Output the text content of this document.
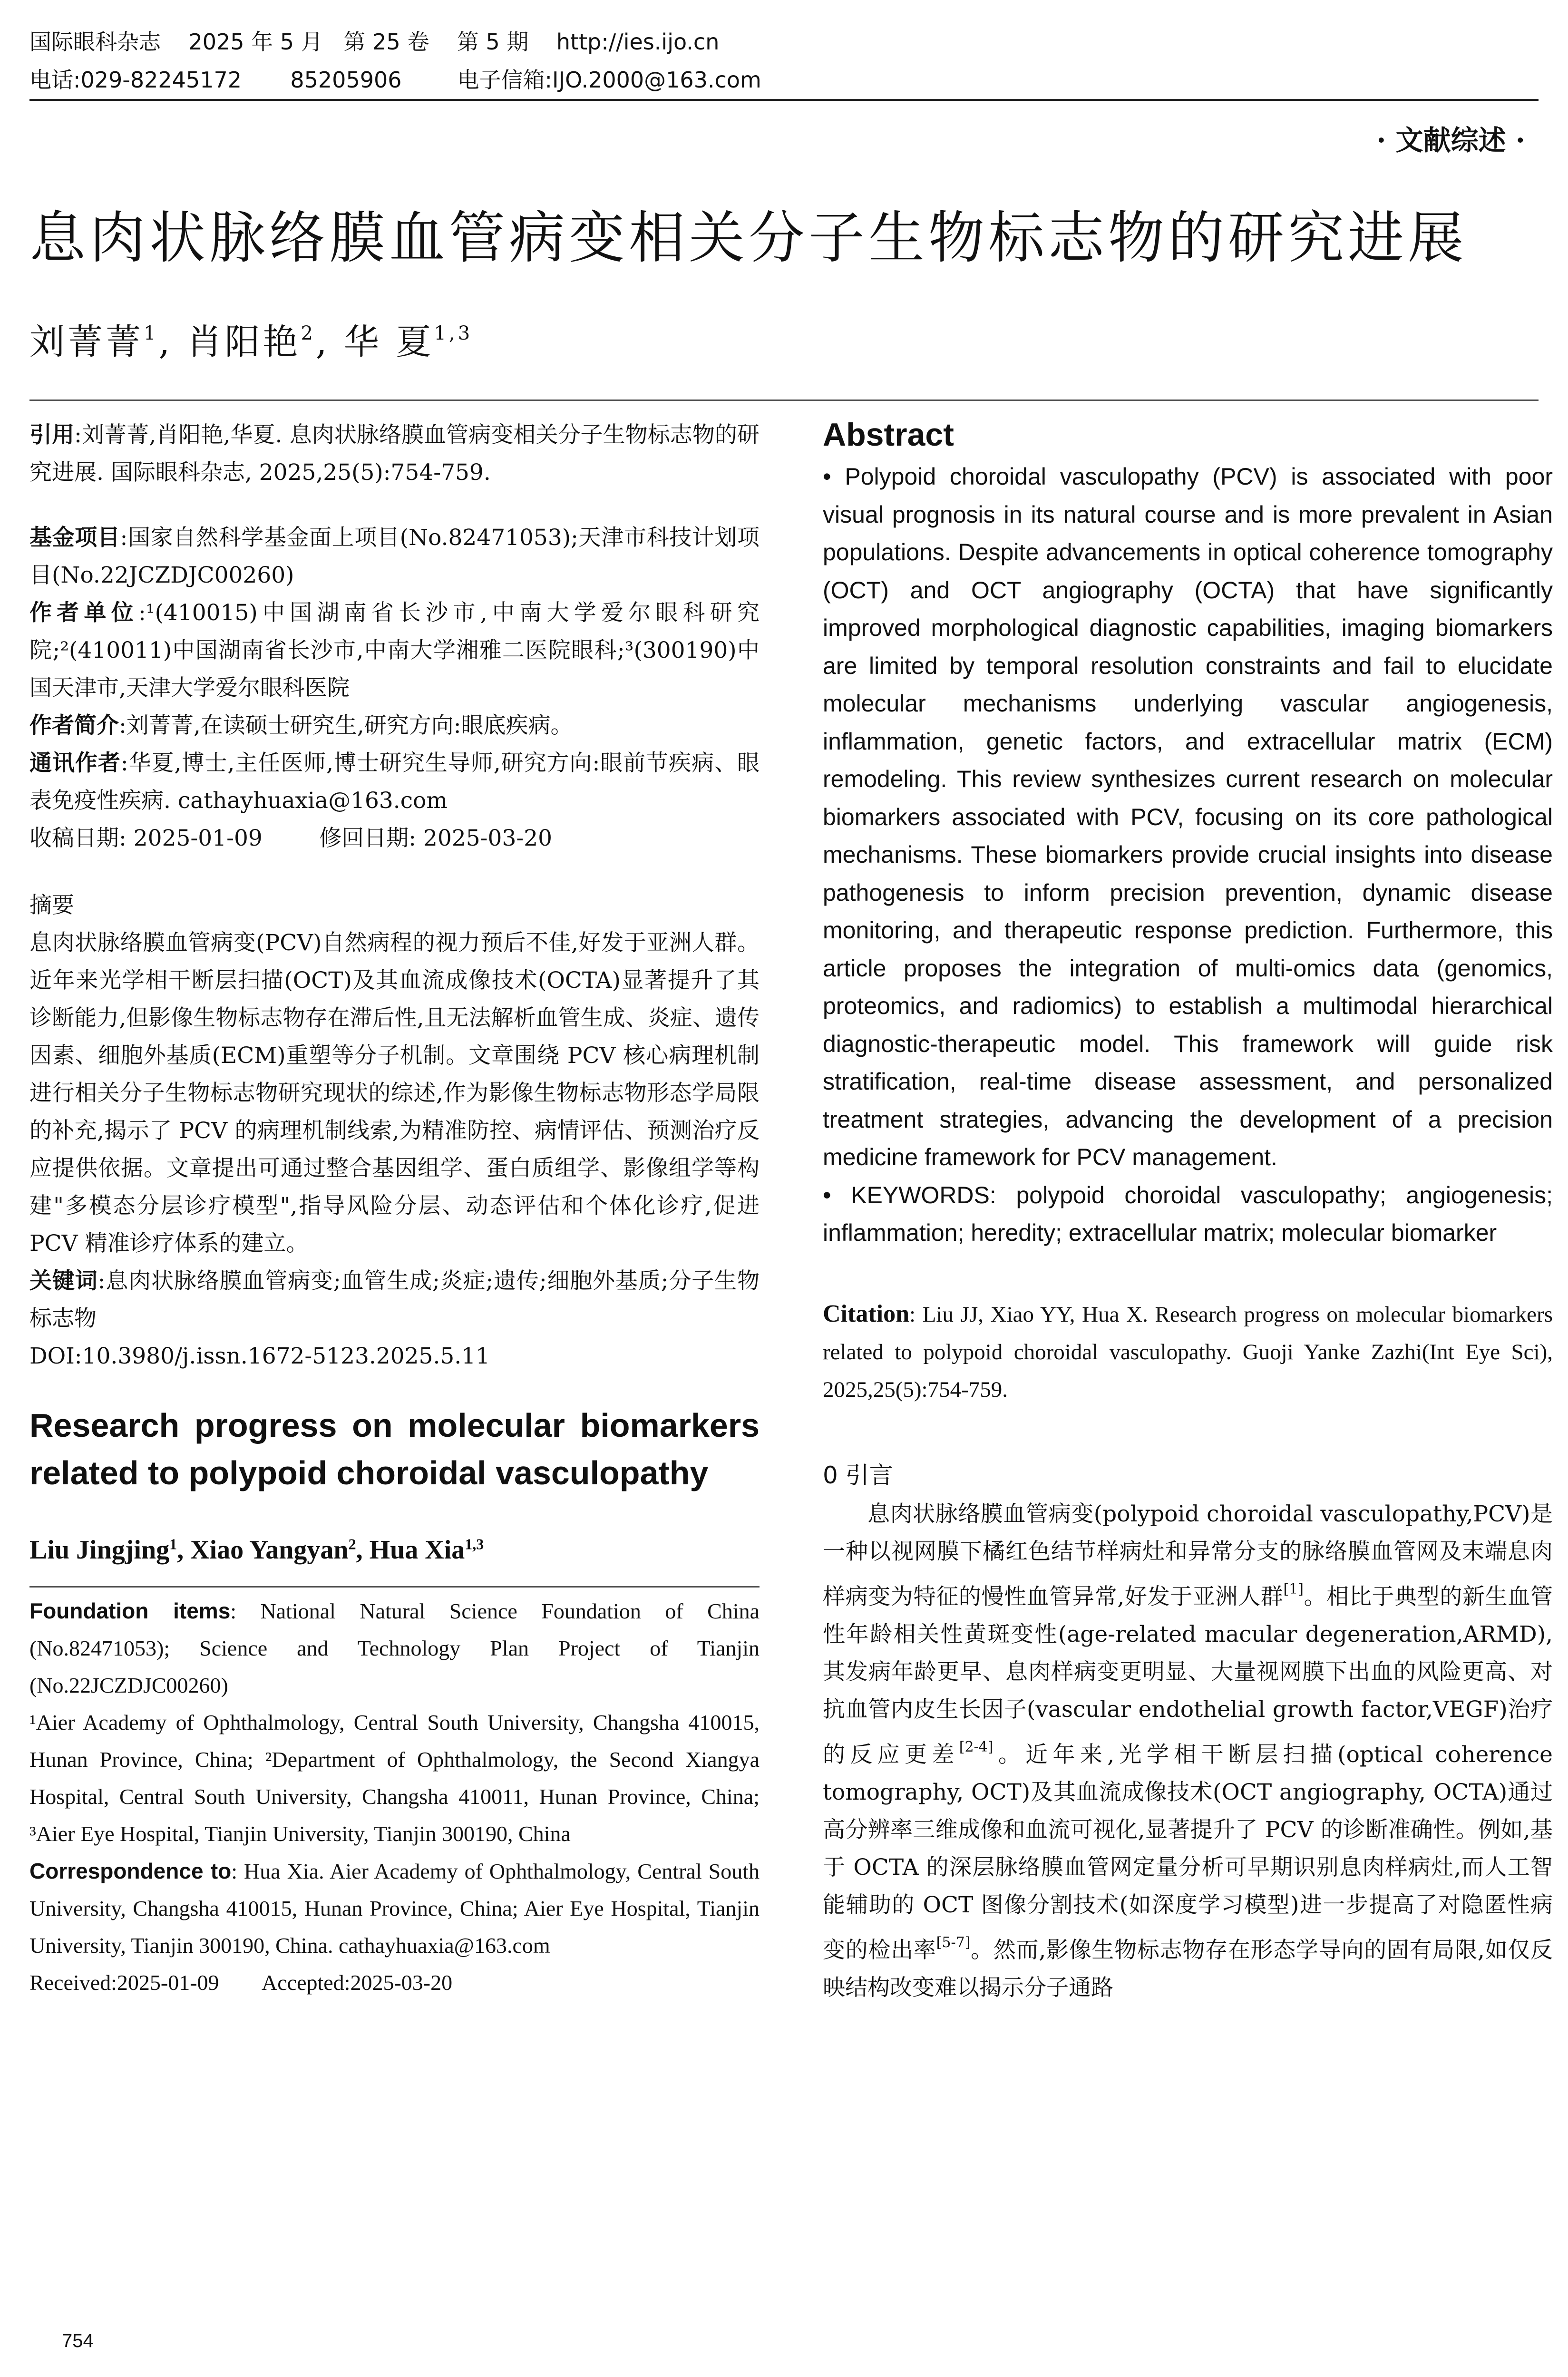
国际眼科杂志    2025 年 5 月   第 25 卷    第 5 期    http://ies.ijo.cn
电话:029-82245172       85205906        电子信箱:IJO.2000@163.com
· 文献综述 ·
息肉状脉络膜血管病变相关分子生物标志物的研究进展
刘菁菁$^1$, 肖阳艳$^2$, 华 夏$^{1,3}$

引用:刘菁菁,肖阳艳,华夏. 息肉状脉络膜血管病变相关分子生物标志物的研究进展. 国际眼科杂志, 2025,25(5):754-759.

基金项目:国家自然科学基金面上项目(No.82471053);天津市科技计划项目(No.22JCZDJC00260)

作者单位:¹(410015)中国湖南省长沙市,中南大学爱尔眼科研究院;²(410011)中国湖南省长沙市,中南大学湘雅二医院眼科;³(300190)中国天津市,天津大学爱尔眼科医院

作者简介:刘菁菁,在读硕士研究生,研究方向:眼底疾病。

通讯作者:华夏,博士,主任医师,博士研究生导师,研究方向:眼前节疾病、眼表免疫性疾病. cathayhuaxia@163.com

收稿日期: 2025-01-09        修回日期: 2025-03-20

摘要

息肉状脉络膜血管病变(PCV)自然病程的视力预后不佳,好发于亚洲人群。近年来光学相干断层扫描(OCT)及其血流成像技术(OCTA)显著提升了其诊断能力,但影像生物标志物存在滞后性,且无法解析血管生成、炎症、遗传因素、细胞外基质(ECM)重塑等分子机制。文章围绕 PCV 核心病理机制进行相关分子生物标志物研究现状的综述,作为影像生物标志物形态学局限的补充,揭示了 PCV 的病理机制线索,为精准防控、病情评估、预测治疗反应提供依据。文章提出可通过整合基因组学、蛋白质组学、影像组学等构建"多模态分层诊疗模型",指导风险分层、动态评估和个体化诊疗,促进 PCV 精准诊疗体系的建立。

关键词:息肉状脉络膜血管病变;血管生成;炎症;遗传;细胞外基质;分子生物标志物

DOI:10.3980/j.issn.1672-5123.2025.5.11

Research progress on molecular biomarkers related to polypoid choroidal vasculopathy
Liu Jingjing$^1$, Xiao Yangyan$^2$, Hua Xia$^{1,3}$

Foundation items: National Natural Science Foundation of China (No.82471053); Science and Technology Plan Project of Tianjin (No.22JCZDJC00260)

¹Aier Academy of Ophthalmology, Central South University, Changsha 410015, Hunan Province, China; ²Department of Ophthalmology, the Second Xiangya Hospital, Central South University, Changsha 410011, Hunan Province, China; ³Aier Eye Hospital, Tianjin University, Tianjin 300190, China

Correspondence to: Hua Xia. Aier Academy of Ophthalmology, Central South University, Changsha 410015, Hunan Province, China; Aier Eye Hospital, Tianjin University, Tianjin 300190, China. cathayhuaxia@163.com

Received:2025-01-09        Accepted:2025-03-20

Abstract

• Polypoid choroidal vasculopathy (PCV) is associated with poor visual prognosis in its natural course and is more prevalent in Asian populations. Despite advancements in optical coherence tomography (OCT) and OCT angiography (OCTA) that have significantly improved morphological diagnostic capabilities, imaging biomarkers are limited by temporal resolution constraints and fail to elucidate molecular mechanisms underlying vascular angiogenesis, inflammation, genetic factors, and extracellular matrix (ECM) remodeling. This review synthesizes current research on molecular biomarkers associated with PCV, focusing on its core pathological mechanisms. These biomarkers provide crucial insights into disease pathogenesis to inform precision prevention, dynamic disease monitoring, and therapeutic response prediction. Furthermore, this article proposes the integration of multi-omics data (genomics, proteomics, and radiomics) to establish a multimodal hierarchical diagnostic-therapeutic model. This framework will guide risk stratification, real-time disease assessment, and personalized treatment strategies, advancing the development of a precision medicine framework for PCV management.

• KEYWORDS: polypoid choroidal vasculopathy; angiogenesis; inflammation; heredity; extracellular matrix; molecular biomarker

Citation: Liu JJ, Xiao YY, Hua X. Research progress on molecular biomarkers related to polypoid choroidal vasculopathy. Guoji Yanke Zazhi(Int Eye Sci), 2025,25(5):754-759.

0 引言

息肉状脉络膜血管病变(polypoid choroidal vasculopathy,PCV)是一种以视网膜下橘红色结节样病灶和异常分支的脉络膜血管网及末端息肉样病变为特征的慢性血管异常,好发于亚洲人群[1]。相比于典型的新生血管性年龄相关性黄斑变性(age-related macular degeneration,ARMD),其发病年龄更早、息肉样病变更明显、大量视网膜下出血的风险更高、对抗血管内皮生长因子(vascular endothelial growth factor,VEGF)治疗的反应更差[2-4]。近年来,光学相干断层扫描(optical coherence tomography, OCT)及其血流成像技术(OCT angiography, OCTA)通过高分辨率三维成像和血流可视化,显著提升了 PCV 的诊断准确性。例如,基于 OCTA 的深层脉络膜血管网定量分析可早期识别息肉样病灶,而人工智能辅助的 OCT 图像分割技术(如深度学习模型)进一步提高了对隐匿性病变的检出率[5-7]。然而,影像生物标志物存在形态学导向的固有局限,如仅反映结构改变难以揭示分子通路

754
